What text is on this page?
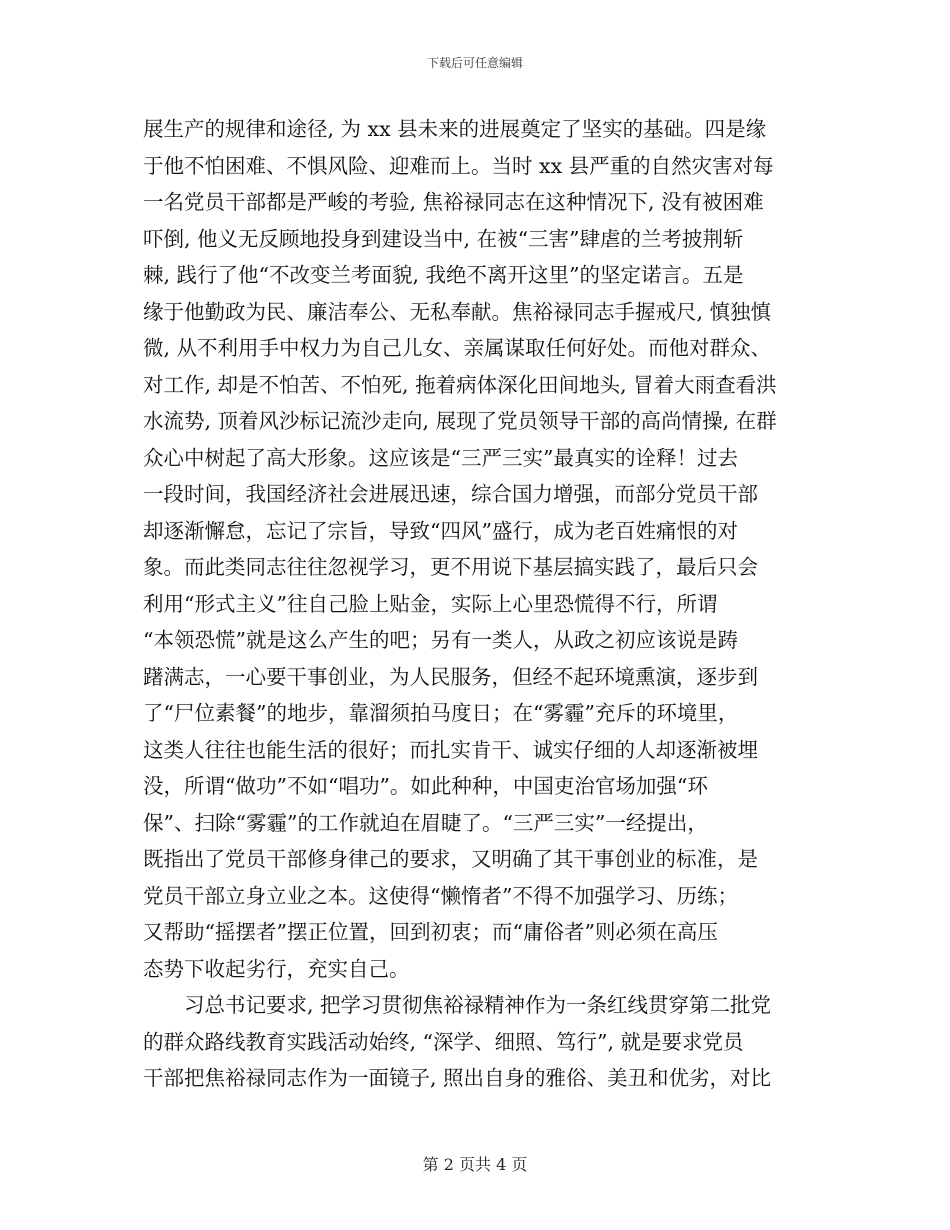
下载后可任意编辑
展生产的规律和途径, 为 xx 县未来的进展奠定了坚实的基础。四是缘
于他不怕困难、不惧风险、迎难而上。当时 xx 县严重的自然灾害对每
一名党员干部都是严峻的考验, 焦裕禄同志在这种情况下, 没有被困难
吓倒, 他义无反顾地投身到建设当中, 在被“三害”肆虐的兰考披荆斩
棘, 践行了他“不改变兰考面貌, 我绝不离开这里”的坚定诺言。五是
缘于他勤政为民、廉洁奉公、无私奉献。焦裕禄同志手握戒尺, 慎独慎
微, 从不利用手中权力为自己儿女、亲属谋取任何好处。而他对群众、
对工作, 却是不怕苦、不怕死, 拖着病体深化田间地头, 冒着大雨查看洪
水流势, 顶着风沙标记流沙走向, 展现了党员领导干部的高尚情操, 在群
众心中树起了高大形象。这应该是“三严三实”最真实的诠释！过去
一段时间，我国经济社会进展迅速，综合国力增强，而部分党员干部
却逐渐懈怠，忘记了宗旨，导致“四风”盛行，成为老百姓痛恨的对
象。而此类同志往往忽视学习，更不用说下基层搞实践了，最后只会
利用“形式主义”往自己脸上贴金，实际上心里恐慌得不行，所谓
“本领恐慌”就是这么产生的吧；另有一类人，从政之初应该说是踌
躇满志，一心要干事创业，为人民服务，但经不起环境熏演，逐步到
了“尸位素餐”的地步，靠溜须拍马度日；在“雾霾”充斥的环境里，
这类人往往也能生活的很好；而扎实肯干、诚实仔细的人却逐渐被埋
没，所谓“做功”不如“唱功”。如此种种，中国吏治官场加强“环
保”、扫除“雾霾”的工作就迫在眉睫了。“三严三实”一经提出，
既指出了党员干部修身律己的要求，又明确了其干事创业的标准，是
党员干部立身立业之本。这使得“懒惰者”不得不加强学习、历练；
又帮助“摇摆者”摆正位置，回到初衷；而“庸俗者”则必须在高压
态势下收起劣行，充实自己。
　　习总书记要求, 把学习贯彻焦裕禄精神作为一条红线贯穿第二批党
的群众路线教育实践活动始终, “深学、细照、笃行”, 就是要求党员
干部把焦裕禄同志作为一面镜子, 照出自身的雅俗、美丑和优劣，对比
第 2 页共 4 页
